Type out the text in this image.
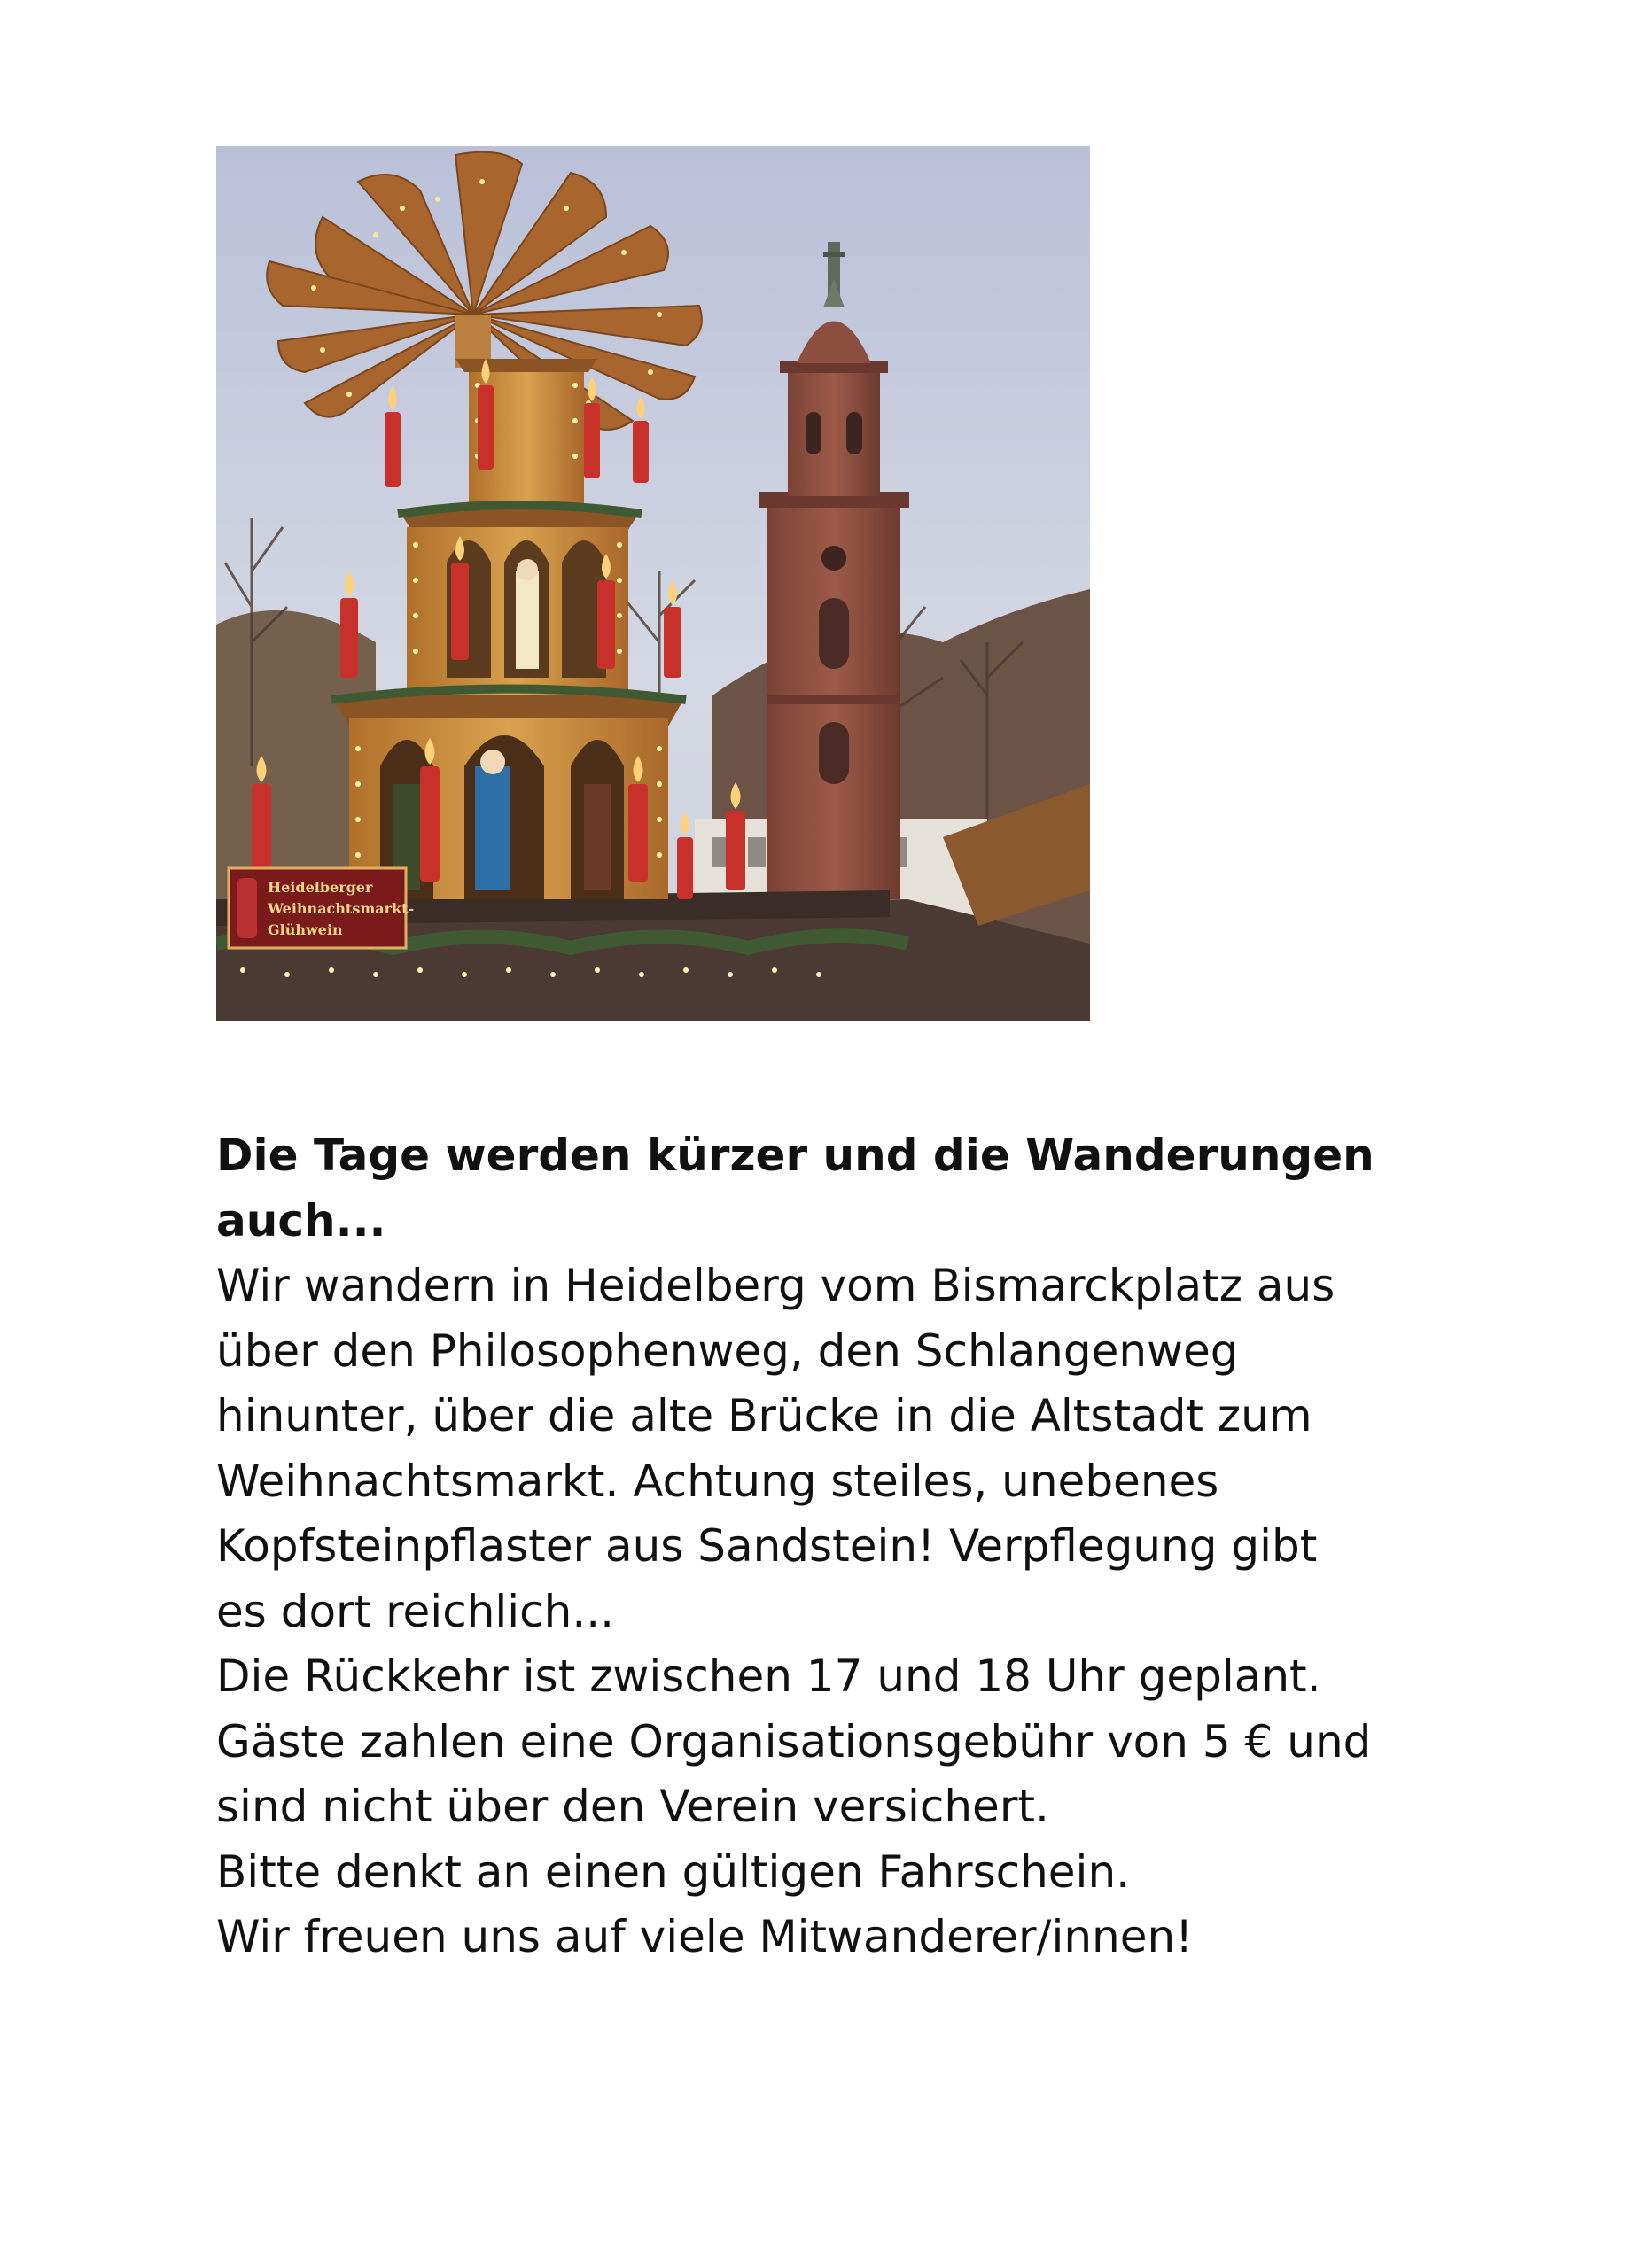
Heidelberger
Weihnachtsmarkt-
Glühwein

Die Tage werden kürzer und die Wanderungen

auch...

Wir wandern in Heidelberg vom Bismarckplatz aus

über den Philosophenweg, den Schlangenweg

hinunter, über die alte Brücke in die Altstadt zum

Weihnachtsmarkt. Achtung steiles, unebenes

Kopfsteinpflaster aus Sandstein! Verpflegung gibt

es dort reichlich...

Die Rückkehr ist zwischen 17 und 18 Uhr geplant.

Gäste zahlen eine Organisationsgebühr von 5 € und

sind nicht über den Verein versichert.

Bitte denkt an einen gültigen Fahrschein.

Wir freuen uns auf viele Mitwanderer/innen!
